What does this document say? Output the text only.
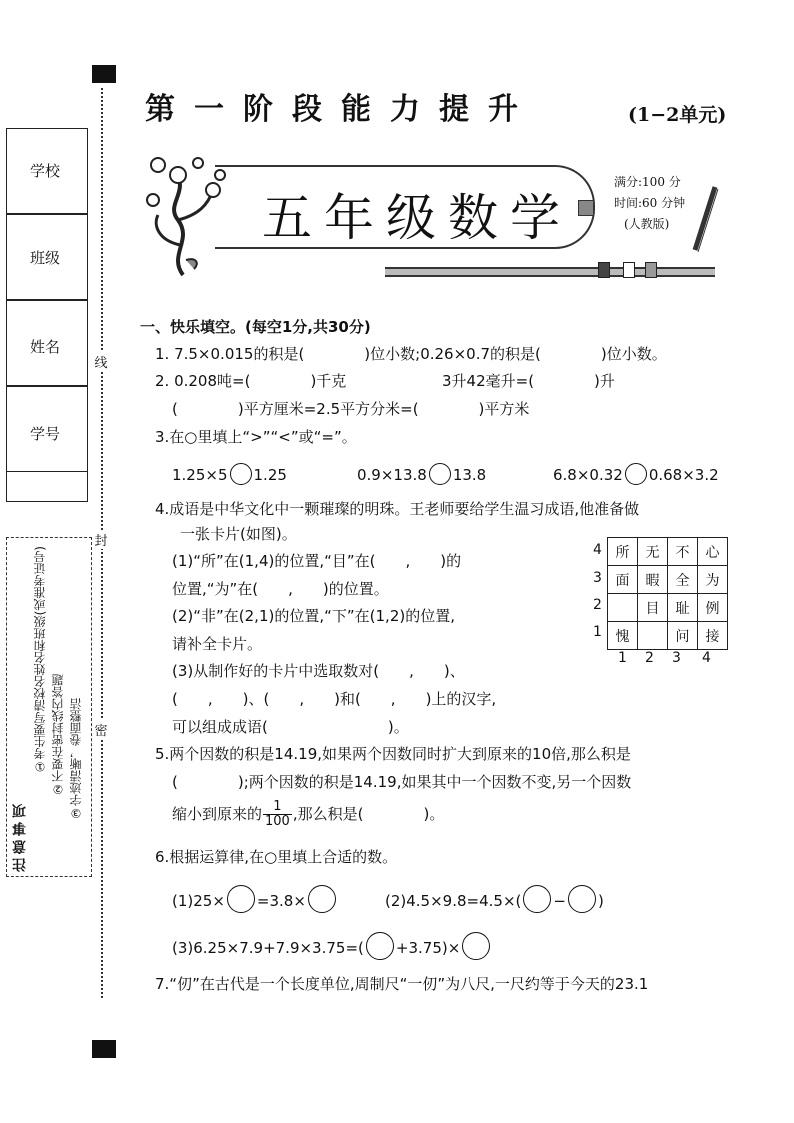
学校
班级
姓名
学号
线
封
密
注意事项
①考生要写清校名姓名和班级(或准考证号) ②不要在密封线内答题 ③字迹清晰，卷面整洁
第一阶段能力提升	(1−2单元)
五年级数学
满分:100 分
时间:60 分钟
(人教版)
一、快乐填空。(每空1分,共30分)
1. 7.5×0.015的积是(　　　　)位小数;0.26×0.7的积是(　　　　)位小数。
2. 0.208吨=(　　　　)千克	3升42毫升=(　　　　)升
(　　　　)平方厘米=2.5平方分米=(　　　　)平方米
3.在○里填上“>”“<”或“=”。
1.25×5 1.25	0.9×13.8 13.8	6.8×0.32 0.68×3.2
4.成语是中华文化中一颗璀璨的明珠。王老师要给学生温习成语,他准备做
一张卡片(如图)。
(1)“所”在(1,4)的位置,“目”在(　　,　　)的
位置,“为”在(　　,　　)的位置。
(2)“非”在(2,1)的位置,“下”在(1,2)的位置,
请补全卡片。
(3)从制作好的卡片中选取数对(　　,　　)、
(　　,　　)、(　　,　　)和(　　,　　)上的汉字,
可以组成成语(　　　　　　　　)。
4
3
2
1
所	无	不	心
面	暇	全	为
	目	耻	例
愧		问	接
1 2 3 4
5.两个因数的积是14.19,如果两个因数同时扩大到原来的10倍,那么积是
(　　　　);两个因数的积是14.19,如果其中一个因数不变,另一个因数
缩小到原来的 $\frac{1}{100}$ ,那么积是(　　　　)。
6.根据运算律,在○里填上合适的数。
(1)25× =3.8×	(2)4.5×9.8=4.5×( − )
(3)6.25×7.9+7.9×3.75=( +3.75)×
7.“仞”在古代是一个长度单位,周制尺“一仞”为八尺,一尺约等于今天的23.1
